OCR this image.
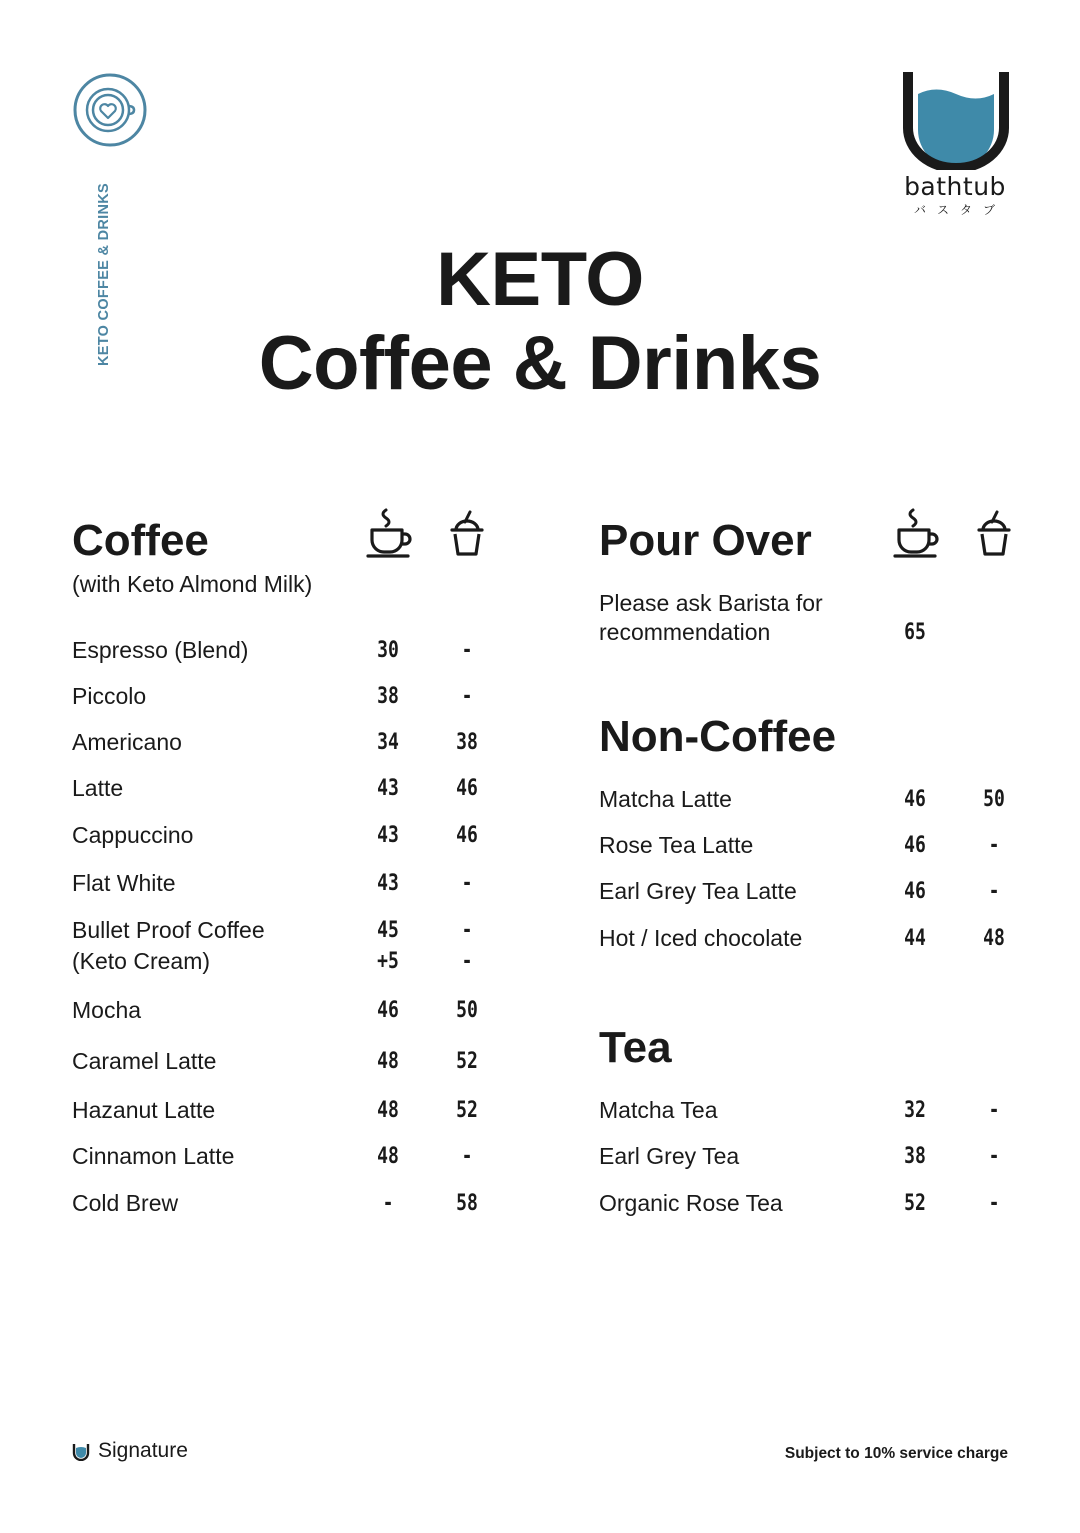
KETO COFFEE & DRINKS	bathtub
バスタブ
KETO
Coffee & Drinks
Coffee
(with Keto Almond Milk)
Espresso (Blend)	30	-
Piccolo	38	-
Americano	34	38
Latte	43	46
Cappuccino	43	46
Flat White	43	-
Bullet Proof Coffee	45	-
(Keto Cream)	+5	-
Mocha	46	50
Caramel Latte	48	52
Hazanut Latte	48	52
Cinnamon Latte	48	-
Cold Brew	-	58
Pour Over
Please ask Barista for
recommendation	65
Non-Coffee
Matcha Latte	46	50
Rose Tea Latte	46	-
Earl Grey Tea Latte	46	-
Hot / Iced chocolate	44	48
Tea
Matcha Tea	32	-
Earl Grey Tea	38	-
Organic Rose Tea	52	-
Signature	Subject to 10% service charge
